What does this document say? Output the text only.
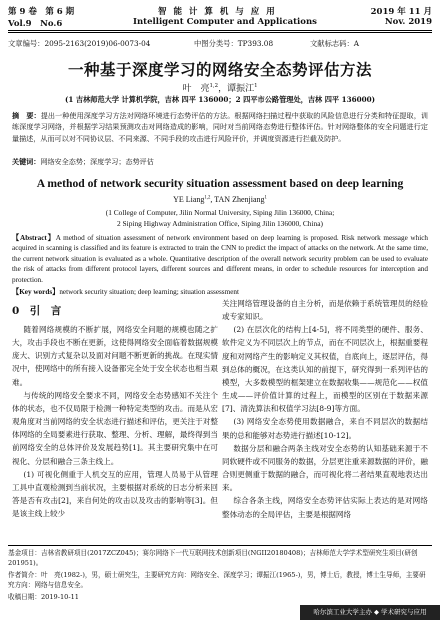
第 9 卷　第 6 期
Vol.9　No.6
智 能 计 算 机 与 应 用
Intelligent Computer and Applications
2019 年 11 月
Nov. 2019
文章编号：2095-2163(2019)06-0073-04	中图分类号：TP393.08	文献标志码：A
一种基于深度学习的网络安全态势评估方法
叶　亮$^{1,2}$，谭振江$^1$
(1 吉林师范大学 计算机学院，吉林 四平 136000；2 四平市公路管理处，吉林 四平 136000)
摘　要：提出一种使用深度学习方法对网络环境进行态势评估的方法。根据网络扫描过程中获取的风险信息进行分类和特征提取，训练深度学习网络，并根据学习结果预测攻击对网络造成的影响，同时对当前网络态势进行整体评估。针对网络整体的安全问题进行定量描述，从而可以对不同协议层、不同来源、不同手段的攻击进行风险评价，并调度资源进行拦截及防护。
关键词：网络安全态势；深度学习；态势评估
A method of network security situation assessment based on deep learning
YE Liang$^{1,2}$, TAN Zhenjiang$^1$
(1 College of Computer, Jilin Normal University, Siping Jilin 136000, China;
2 Siping Highway Administration Office, Siping Jilin 136000, China)
【Abstract】A method of situation assessment of network environment based on deep learning is proposed. Risk network message which acquired in scanning is classified and its feature is extracted to train the CNN to predict the impact of attacks on the network. At the same time, the current network situation is evaluated as a whole. Quantitative description of the overall network security problem can be used to evaluate the risk of attacks from different protocol layers, different sources and different means, in order to schedule resources for interception and protection.
【Key words】network security situation; deep learning; situation assessment
0　引　言

随着网络规模的不断扩展，网络安全问题的规模也随之扩大，攻击手段也不断在更新，这使得网络安全面临着数据规模庞大、识别方式复杂以及面对问题不断更新的挑战。在现实情况中，使网络中的所有接入设备都完全处于安全状态也相当艰难。

与传统的网络安全要求不同，网络安全态势感知不关注个体的状态，也不仅局限于检测一种特定类型的攻击。而是从宏观角度对当前网络的安全状态进行描述和评估，更关注于对整体网络的全局要素进行获取、整理、分析、理解，最终得到当前网络安全的总体评价及发展趋势[1]。其主要研究集中在可视化、分层和融合三条主线上。

(1) 可视化侧重于人机交互的应用，管理人员易于从管理工具中直观检测到当前状况，主要根据对系统的日志分析来回答是否有攻击[2]，来自何处的攻击以及攻击的影响等[3]。但是该主线上较少

关注网络管理设备的自主分析，而是依赖于系统管理员的经验或专家知识。

(2) 在层次化的结构上[4-5]，将不同类型的硬件、服务、软件定义为不同层次上的节点，而在不同层次上，根据重要程度和对网络产生的影响定义其权值，自底向上，逐层评估，得到总体的概况，在这类认知的前提下，研究得到一系列评估的模型，大多数模型的框架建立在数据收集——规范化——权值生成——评价值计算的过程上，而模型的区别在于数据来源[7]、清洗算法和权值学习法[8-9]等方面。

(3) 网络安全态势使用数据融合，来自不同层次的数据结果的总和能够对态势进行描述[10-12]。

数据分层和融合两条主线对安全态势的认知基础来源于不同软硬件或不同服务的数据，分层更注重来源数据的评价，融合则更侧重于数据的融合，而可视化将二者结果直观地表达出来。

综合各条主线，网络安全态势评估实际上表达的是对网络整体动态的全局评估，主要是根据网络

基金项目：吉林省教研项目(2017ZCZ045)；赛尔网络下一代互联网技术创新项目(NGII20180408)；吉林师范大学学术型研究生项目(研创201951)。
作者简介：叶　亮(1982-)，男，硕士研究生，主要研究方向：网络安全、深度学习；谭振江(1965-)，男，博士后，教授，博士生导师，主要研究方向：网络与信息安全。
收稿日期：2019-10-11
哈尔滨工业大学主办 ◆ 学术研究与应用
